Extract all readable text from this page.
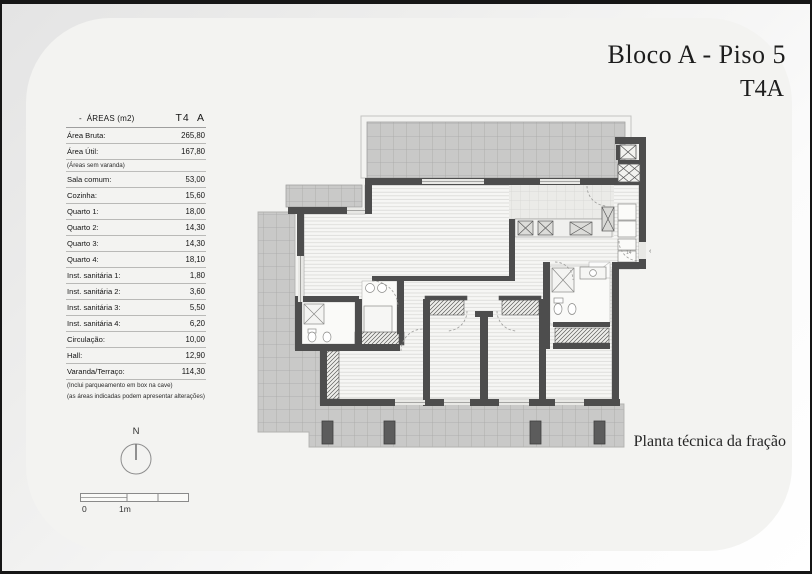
Bloco A - Piso 5
T4A
Planta técnica da fração
- ÁREAS (m2)	T4  A
Área Bruta:	265,80
Área Útil:	167,80
(Áreas sem varanda)
Sala comum:	53,00
Cozinha:	15,60
Quarto 1:	18,00
Quarto 2:	14,30
Quarto 3:	14,30
Quarto 4:	18,10
Inst. sanitária 1:	1,80
Inst. sanitária 2:	3,60
Inst. sanitária 3:	5,50
Inst. sanitária 4:	6,20
Circulação:	10,00
Hall:	12,90
Varanda/Terraço:	114,30
(Inclui parqueamento em box na cave)
(as áreas indicadas podem apresentar alterações)
N
0	1m
14 ‹
